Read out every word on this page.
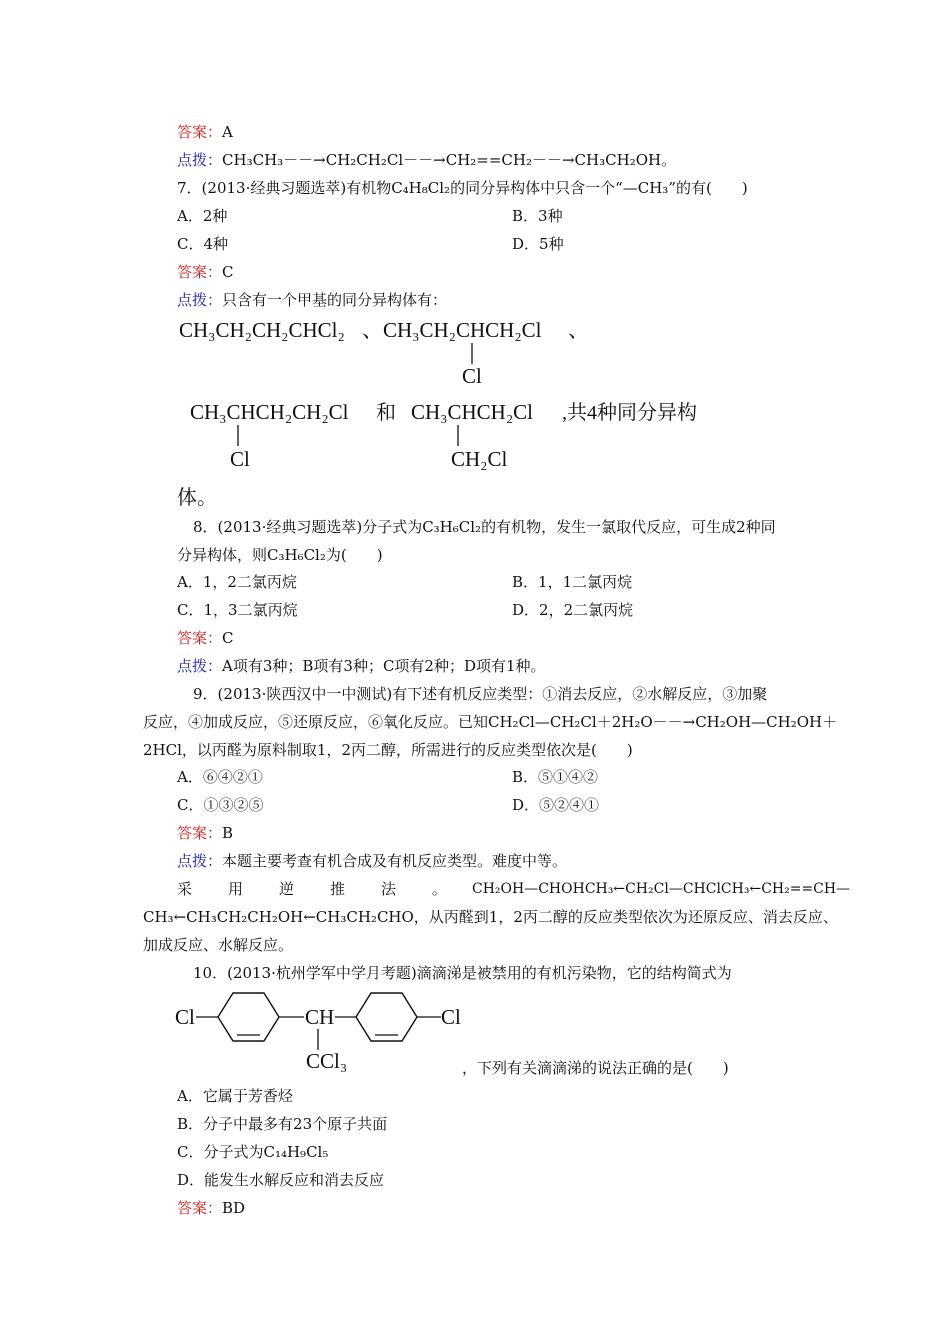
答案：A
点拨：CH₃CH₃－－→CH₂CH₂Cl－－→CH₂==CH₂－－→CH₃CH₂OH。
7．(2013·经典习题选萃)有机物C₄H₈Cl₂的同分异构体中只含一个“—CH₃”的有(　　)
A．2种	B．3种
C．4种	D．5种
答案：C
点拨：只含有一个甲基的同分异构体有：
CH₃CH₂CH₂CHCl₂ 、 CH₃CH₂CHCH₂Cl
Cl
、
CH₃CHCH₂CH₂Cl
Cl
和 CH₃CHCH₂Cl
CH₂Cl
,共4种同分异构
体。
8．(2013·经典习题选萃)分子式为C₃H₆Cl₂的有机物，发生一氯取代反应，可生成2种同
分异构体，则C₃H₆Cl₂为(　　)
A．1，2二氯丙烷	B．1，1二氯丙烷
C．1，3二氯丙烷	D．2，2二氯丙烷
答案：C
点拨：A项有3种；B项有3种；C项有2种；D项有1种。
9．(2013·陕西汉中一中测试)有下述有机反应类型：①消去反应，②水解反应，③加聚
反应，④加成反应，⑤还原反应，⑥氧化反应。已知CH₂Cl—CH₂Cl＋2H₂O－－→CH₂OH—CH₂OH＋
2HCl，以丙醛为原料制取1，2丙二醇，所需进行的反应类型依次是(　　)
A．⑥④②①	B．⑤①④②
C．①③②⑤	D．⑤②④①
答案：B
点拨：本题主要考查有机合成及有机反应类型。难度中等。
采 用 逆 推 法 。 CH₂OH—CHOHCH₃←CH₂Cl—CHClCH₃←CH₂==CH—
CH₃←CH₃CH₂CH₂OH←CH₃CH₂CHO，从丙醛到1，2丙二醇的反应类型依次为还原反应、消去反应、
加成反应、水解反应。
10．(2013·杭州学军中学月考题)滴滴涕是被禁用的有机污染物，它的结构简式为
Cl	CH	Cl
CCl₃	，下列有关滴滴涕的说法正确的是(　　)
A．它属于芳香烃
B．分子中最多有23个原子共面
C．分子式为C₁₄H₉Cl₅
D．能发生水解反应和消去反应
答案：BD
